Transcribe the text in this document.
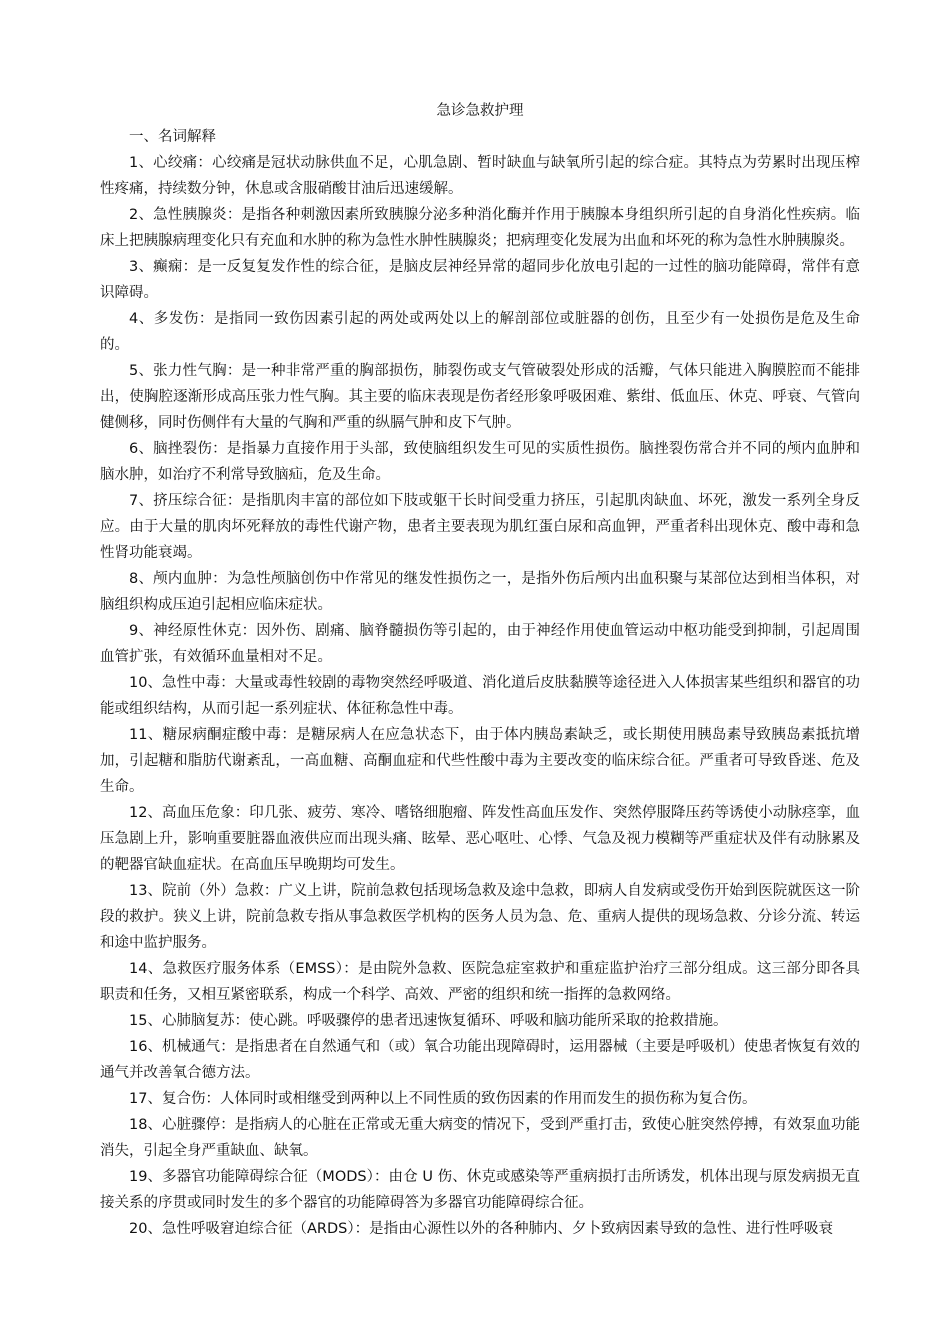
急诊急救护理

一、名词解释

1、心绞痛：心绞痛是冠状动脉供血不足，心肌急剧、暂时缺血与缺氧所引起的综合症。其特点为劳累时出现压榨性疼痛，持续数分钟，休息或含服硝酸甘油后迅速缓解。

2、急性胰腺炎：是指各种刺激因素所致胰腺分泌多种消化酶并作用于胰腺本身组织所引起的自身消化性疾病。临床上把胰腺病理变化只有充血和水肿的称为急性水肿性胰腺炎；把病理变化发展为出血和坏死的称为急性水肿胰腺炎。

3、癫痫：是一反复复发作性的综合征，是脑皮层神经异常的超同步化放电引起的一过性的脑功能障碍，常伴有意识障碍。

4、多发伤：是指同一致伤因素引起的两处或两处以上的解剖部位或脏器的创伤，且至少有一处损伤是危及生命的。

5、张力性气胸：是一种非常严重的胸部损伤，肺裂伤或支气管破裂处形成的活瓣，气体只能进入胸膜腔而不能排出，使胸腔逐渐形成高压张力性气胸。其主要的临床表现是伤者经形象呼吸困难、紫绀、低血压、休克、呼衰、气管向健侧移，同时伤侧伴有大量的气胸和严重的纵膈气肿和皮下气肿。

6、脑挫裂伤：是指暴力直接作用于头部，致使脑组织发生可见的实质性损伤。脑挫裂伤常合并不同的颅内血肿和脑水肿，如治疗不利常导致脑疝，危及生命。

7、挤压综合征：是指肌肉丰富的部位如下肢或躯干长时间受重力挤压，引起肌肉缺血、坏死，激发一系列全身反应。由于大量的肌肉坏死释放的毒性代谢产物，患者主要表现为肌红蛋白尿和高血钾，严重者科出现休克、酸中毒和急性肾功能衰竭。

8、颅内血肿：为急性颅脑创伤中作常见的继发性损伤之一，是指外伤后颅内出血积聚与某部位达到相当体积，对脑组织构成压迫引起相应临床症状。

9、神经原性休克：因外伤、剧痛、脑脊髓损伤等引起的，由于神经作用使血管运动中枢功能受到抑制，引起周围血管扩张，有效循环血量相对不足。

10、急性中毒：大量或毒性较剧的毒物突然经呼吸道、消化道后皮肤黏膜等途径进入人体损害某些组织和器官的功能或组织结构，从而引起一系列症状、体征称急性中毒。

11、糖尿病酮症酸中毒：是糖尿病人在应急状态下，由于体内胰岛素缺乏，或长期使用胰岛素导致胰岛素抵抗增加，引起糖和脂肪代谢紊乱，一高血糖、高酮血症和代些性酸中毒为主要改变的临床综合征。严重者可导致昏迷、危及生命。

12、高血压危象：印几张、疲劳、寒冷、嗜铬细胞瘤、阵发性高血压发作、突然停服降压药等诱使小动脉痉挛，血压急剧上升，影响重要脏器血液供应而出现头痛、眩晕、恶心呕吐、心悸、气急及视力模糊等严重症状及伴有动脉累及的靶器官缺血症状。在高血压早晚期均可发生。

13、院前（外）急救：广义上讲，院前急救包括现场急救及途中急救，即病人自发病或受伤开始到医院就医这一阶段的救护。狭义上讲，院前急救专指从事急救医学机构的医务人员为急、危、重病人提供的现场急救、分诊分流、转运和途中监护服务。

14、急救医疗服务体系（EMSS）：是由院外急救、医院急症室救护和重症监护治疗三部分组成。这三部分即各具职责和任务，又相互紧密联系，构成一个科学、高效、严密的组织和统一指挥的急救网络。

15、心肺脑复苏：使心跳。呼吸骤停的患者迅速恢复循环、呼吸和脑功能所采取的抢救措施。

16、机械通气：是指患者在自然通气和（或）氧合功能出现障碍时，运用器械（主要是呼吸机）使患者恢复有效的通气并改善氧合德方法。

17、复合伤：人体同时或相继受到两种以上不同性质的致伤因素的作用而发生的损伤称为复合伤。

18、心脏骤停：是指病人的心脏在正常或无重大病变的情况下，受到严重打击，致使心脏突然停搏，有效泵血功能消失，引起全身严重缺血、缺氧。

19、多器官功能障碍综合征（MODS）：由仓 U 伤、休克或感染等严重病损打击所诱发，机体出现与原发病损无直接关系的序贯或同时发生的多个器官的功能障碍答为多器官功能障碍综合征。

20、急性呼吸窘迫综合征（ARDS）：是指由心源性以外的各种肺内、夕卜致病因素导致的急性、进行性呼吸衰
